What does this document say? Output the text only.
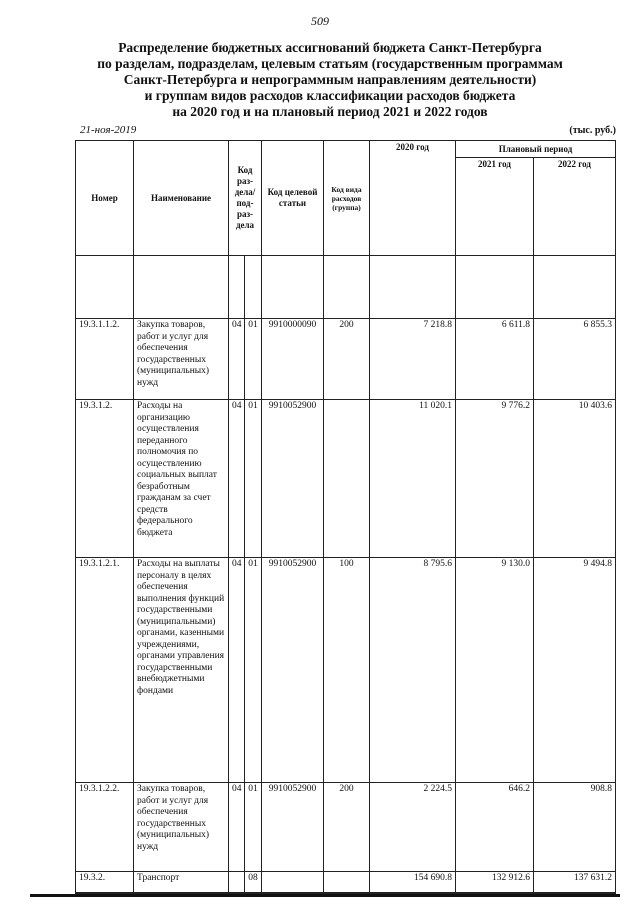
509
Распределение бюджетных ассигнований бюджета Санкт-Петербурга
по разделам, подразделам, целевым статьям (государственным программам
Санкт-Петербурга и непрограммным направлениям деятельности)
и группам видов расходов классификации расходов бюджета
на 2020 год и на плановый период 2021 и 2022 годов
21-ноя-2019	(тыс. руб.)
Номер	Наименование	Код раз- дела/ под- раз- дела		Код целевой статьи	Код вида расходов (группа)	2020 год	Плановый период	
							2021 год	2022 год

19.3.1.1.2.	Закупка товаров, работ и услуг для обеспечения государственных (муниципальных) нужд	04	01	9910000090	200	7 218.8	6 611.8	6 855.3
19.3.1.2.	Расходы на организацию осуществления переданного полномочия по осуществлению социальных выплат безработным гражданам за счет средств федерального бюджета	04	01	9910052900		11 020.1	9 776.2	10 403.6
19.3.1.2.1.	Расходы на выплаты персоналу в целях обеспечения выполнения функций государственными (муниципальными) органами, казенными учреждениями, органами управления государственными внебюджетными фондами	04	01	9910052900	100	8 795.6	9 130.0	9 494.8
19.3.1.2.2.	Закупка товаров, работ и услуг для обеспечения государственных (муниципальных) нужд	04	01	9910052900	200	2 224.5	646.2	908.8
19.3.2.	Транспорт		08			154 690.8	132 912.6	137 631.2
